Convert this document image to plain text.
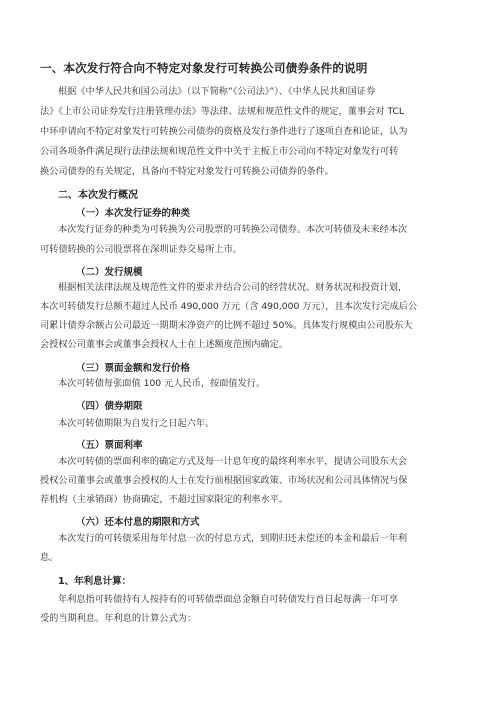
一、本次发行符合向不特定对象发行可转换公司债券条件的说明
根据《中华人民共和国公司法》（以下简称“《公司法》”）、《中华人民共和国证券
法》《上市公司证券发行注册管理办法》等法律、法规和规范性文件的规定，董事会对 TCL
中环申请向不特定对象发行可转换公司债券的资格及发行条件进行了逐项自查和论证，认为
公司各项条件满足现行法律法规和规范性文件中关于主板上市公司向不特定对象发行可转
换公司债券的有关规定，具备向不特定对象发行可转换公司债券的条件。
二、本次发行概况
（一）本次发行证券的种类
本次发行证券的种类为可转换为公司股票的可转换公司债券。本次可转债及未来经本次
可转债转换的公司股票将在深圳证券交易所上市。
（二）发行规模
根据相关法律法规及规范性文件的要求并结合公司的经营状况、财务状况和投资计划，
本次可转债发行总额不超过人民币 490,000 万元（含 490,000 万元），且本次发行完成后公
司累计债券余额占公司最近一期期末净资产的比例不超过 50%。具体发行规模由公司股东大
会授权公司董事会或董事会授权人士在上述额度范围内确定。
（三）票面金额和发行价格
本次可转债每张面值 100 元人民币，按面值发行。
（四）债券期限
本次可转债期限为自发行之日起六年。
（五）票面利率
本次可转债的票面利率的确定方式及每一计息年度的最终利率水平，提请公司股东大会
授权公司董事会或董事会授权的人士在发行前根据国家政策、市场状况和公司具体情况与保
荐机构（主承销商）协商确定，不超过国家限定的利率水平。
（六）还本付息的期限和方式
本次发行的可转债采用每年付息一次的付息方式，到期归还未偿还的本金和最后一年利
息。
1、年利息计算：
年利息指可转债持有人按持有的可转债票面总金额自可转债发行首日起每满一年可享
受的当期利息。年利息的计算公式为：
